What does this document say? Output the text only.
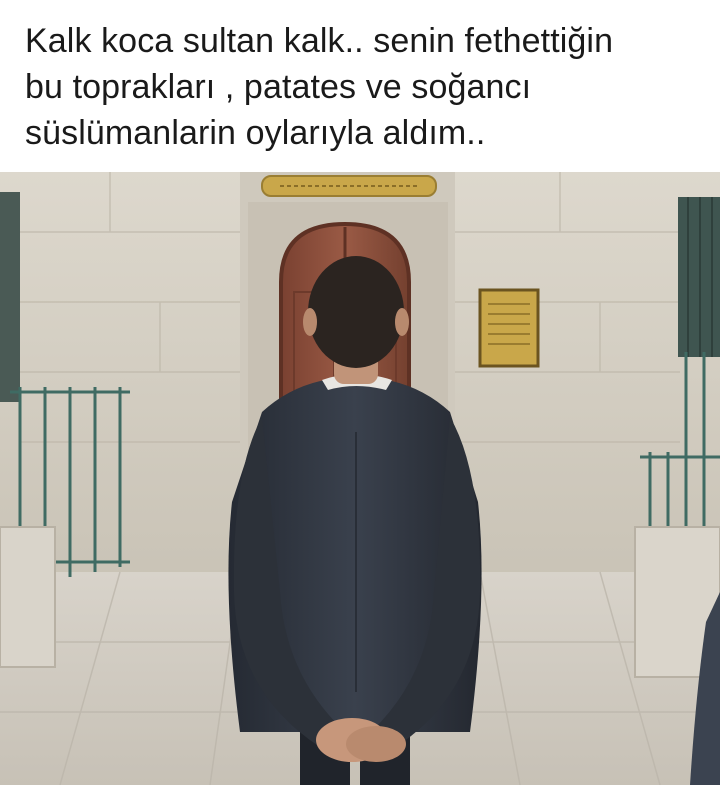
Kalk koca sultan kalk.. senin fethettiğin
bu toprakları , patates ve soğancı
süslümanlarin oylarıyla aldım..
